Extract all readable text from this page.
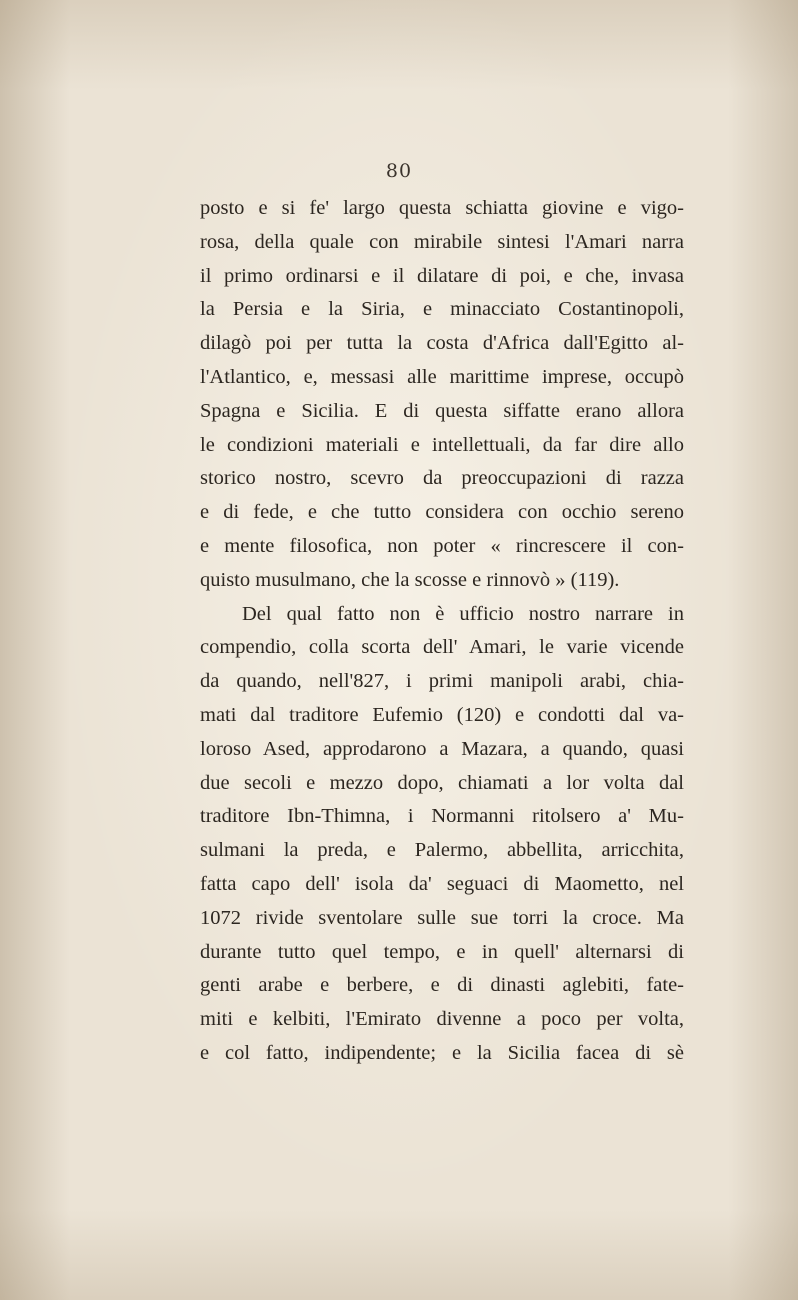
80
posto e si fe' largo questa schiatta giovine e vigo-
rosa, della quale con mirabile sintesi l'Amari narra
il primo ordinarsi e il dilatare di poi, e che, invasa
la Persia e la Siria, e minacciato Costantinopoli,
dilagò poi per tutta la costa d'Africa dall'Egitto al-
l'Atlantico, e, messasi alle marittime imprese, occupò
Spagna e Sicilia. E di questa siffatte erano allora
le condizioni materiali e intellettuali, da far dire allo
storico nostro, scevro da preoccupazioni di razza
e di fede, e che tutto considera con occhio sereno
e mente filosofica, non poter « rincrescere il con-
quisto musulmano, che la scosse e rinnovò » (119).
Del qual fatto non è ufficio nostro narrare in
compendio, colla scorta dell' Amari, le varie vicende
da quando, nell'827, i primi manipoli arabi, chia-
mati dal traditore Eufemio (120) e condotti dal va-
loroso Ased, approdarono a Mazara, a quando, quasi
due secoli e mezzo dopo, chiamati a lor volta dal
traditore Ibn-Thimna, i Normanni ritolsero a' Mu-
sulmani la preda, e Palermo, abbellita, arricchita,
fatta capo dell' isola da' seguaci di Maometto, nel
1072 rivide sventolare sulle sue torri la croce. Ma
durante tutto quel tempo, e in quell' alternarsi di
genti arabe e berbere, e di dinasti aglebiti, fate-
miti e kelbiti, l'Emirato divenne a poco per volta,
e col fatto, indipendente; e la Sicilia facea di sè
